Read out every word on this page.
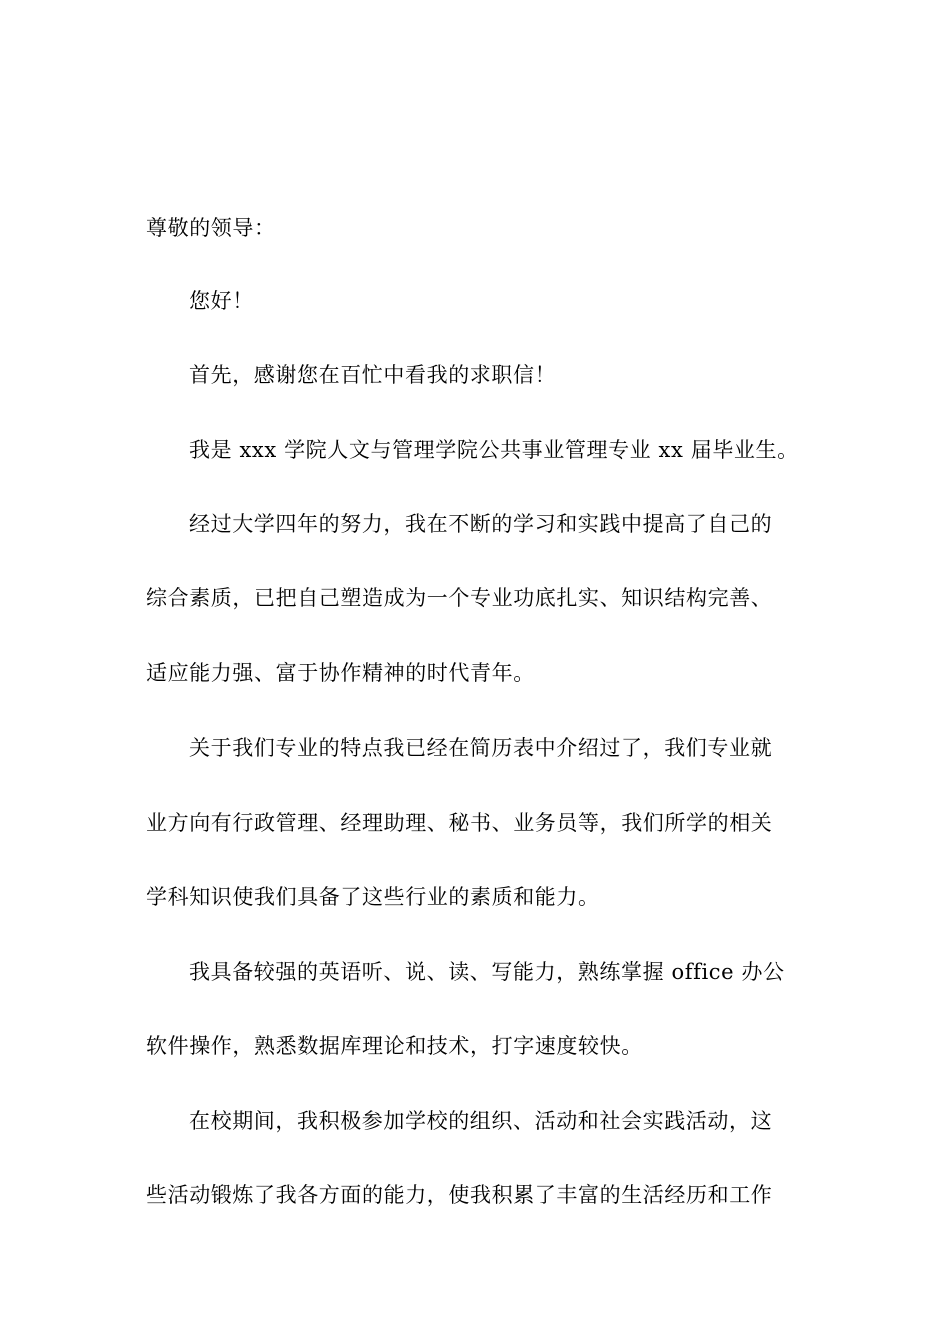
尊敬的领导：
您好！
首先，感谢您在百忙中看我的求职信！
我是 xxx 学院人文与管理学院公共事业管理专业 xx 届毕业生。
经过大学四年的努力，我在不断的学习和实践中提高了自己的
综合素质，已把自己塑造成为一个专业功底扎实、知识结构完善、
适应能力强、富于协作精神的时代青年。
关于我们专业的特点我已经在简历表中介绍过了，我们专业就
业方向有行政管理、经理助理、秘书、业务员等，我们所学的相关
学科知识使我们具备了这些行业的素质和能力。
我具备较强的英语听、说、读、写能力，熟练掌握 office 办公
软件操作，熟悉数据库理论和技术，打字速度较快。
在校期间，我积极参加学校的组织、活动和社会实践活动，这
些活动锻炼了我各方面的能力，使我积累了丰富的生活经历和工作
